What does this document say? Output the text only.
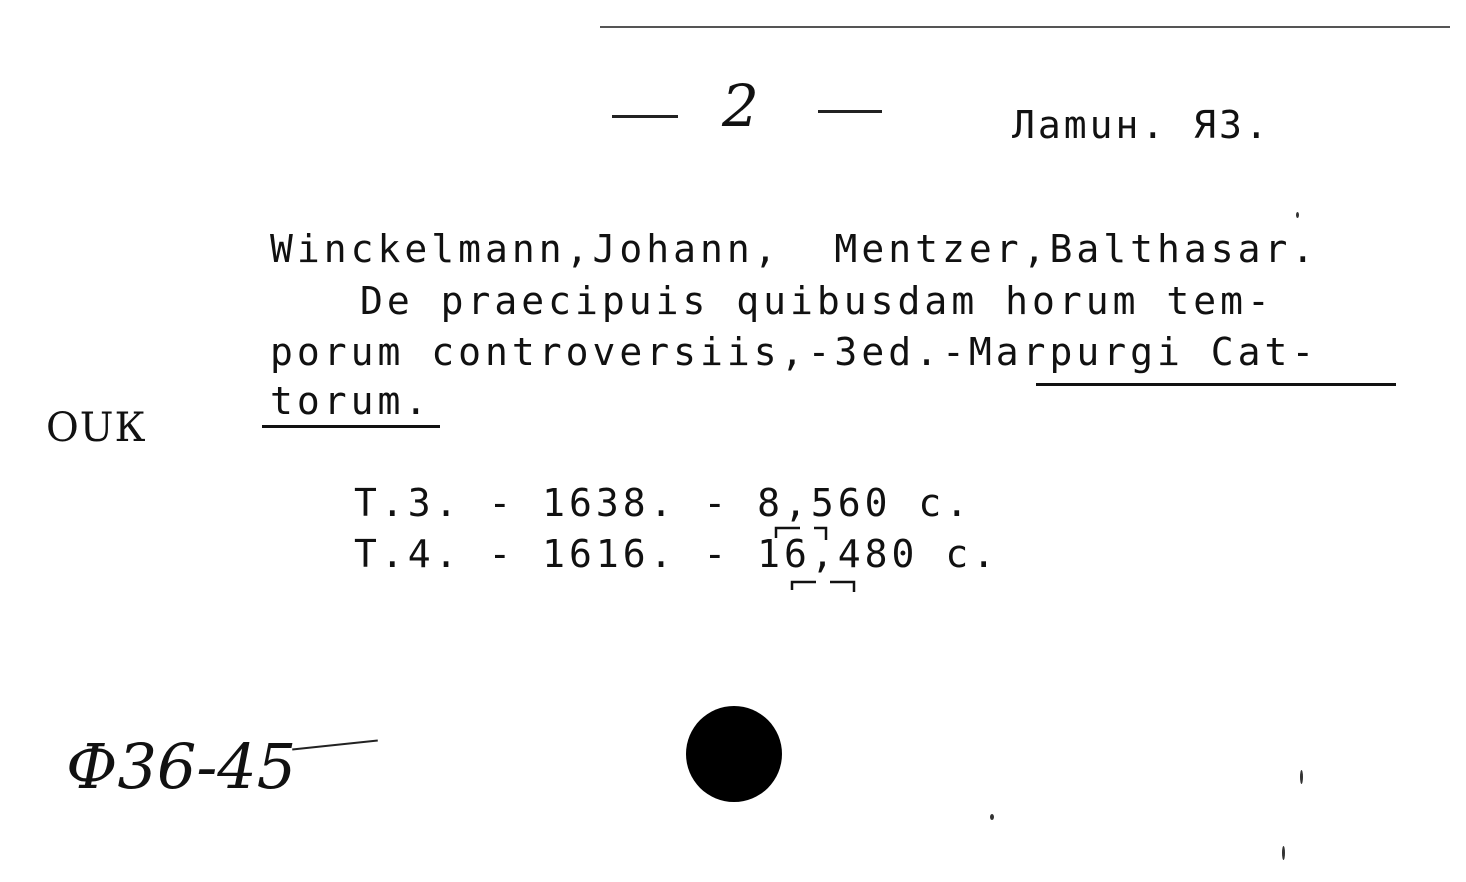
2	Лаmuн. Я3.
Winckelmann,Johann,  Mentzer,Balthasar.
De praecipuis quibusdam horum tem-
porum controversiis,-3ed.-Marpurgi Cat-
torum.
ОUК
T.3. - 1638. - 8,560 c.
T.4. - 1616. - 16,480 c.
Ф36-45
